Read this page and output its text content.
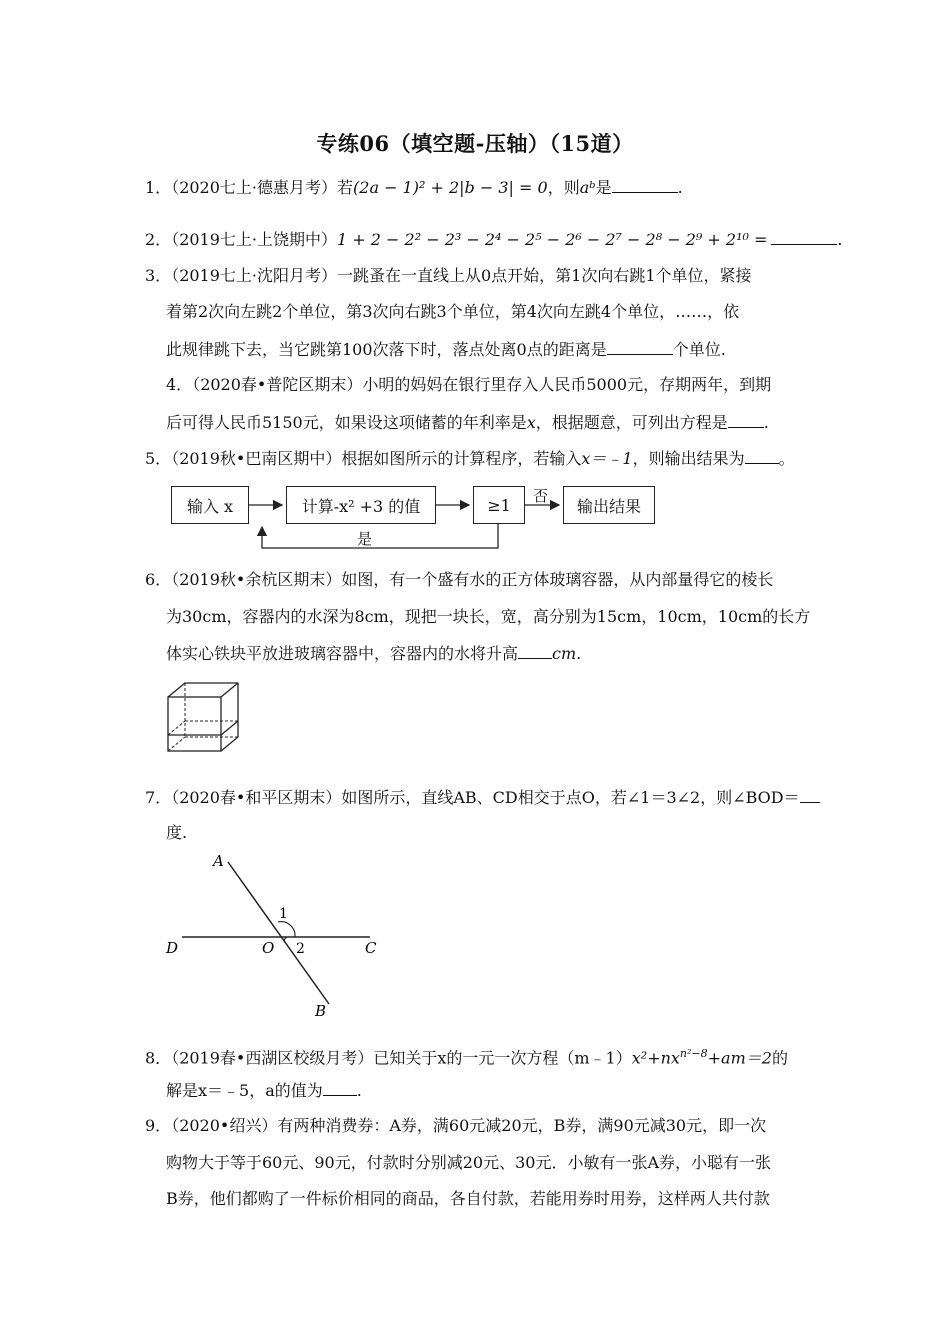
专练06（填空题-压轴）（15道）
1．（2020七上·德惠月考）若(2a − 1)² + 2|b − 3| = 0，则aᵇ是	.
2．（2019七上·上饶期中）1 + 2 − 2² − 2³ − 2⁴ − 2⁵ − 2⁶ − 2⁷ − 2⁸ − 2⁹ + 2¹⁰ =	.
3．（2019七上·沈阳月考）一跳蚤在一直线上从0点开始，第1次向右跳1个单位，紧接
着第2次向左跳2个单位，第3次向右跳3个单位，第4次向左跳4个单位，……，依
此规律跳下去，当它跳第100次落下时，落点处离0点的距离是	个单位.
4．（2020春•普陀区期末）小明的妈妈在银行里存入人民币5000元，存期两年，到期
后可得人民币5150元，如果设这项储蓄的年利率是x，根据题意，可列出方程是 .
5．（2019秋•巴南区期中）根据如图所示的计算程序，若输入x＝﹣1，则输出结果为 。
输入 x	计算-x² +3 的值	≥1	输出结果
否
是
6．（2019秋•余杭区期末）如图，有一个盛有水的正方体玻璃容器，从内部量得它的棱长
为30cm，容器内的水深为8cm，现把一块长，宽，高分别为15cm，10cm，10cm的长方
体实心铁块平放进玻璃容器中，容器内的水将升高 cm.
7．（2020春•和平区期末）如图所示，直线AB、CD相交于点O，若∠1＝3∠2，则∠BOD＝
度.
A
B
C
D	O
1
2
8．（2019春•西湖区校级月考）已知关于x的一元一次方程$(m﹣1)x^2+nx^{n^2-8}+am=2$的
解是x＝﹣5，a的值为 .
9．（2020•绍兴）有两种消费券：A券，满60元减20元，B券，满90元减30元，即一次
购物大于等于60元、90元，付款时分别减20元、30元．小敏有一张A券，小聪有一张
B券，他们都购了一件标价相同的商品，各自付款，若能用券时用券，这样两人共付款
